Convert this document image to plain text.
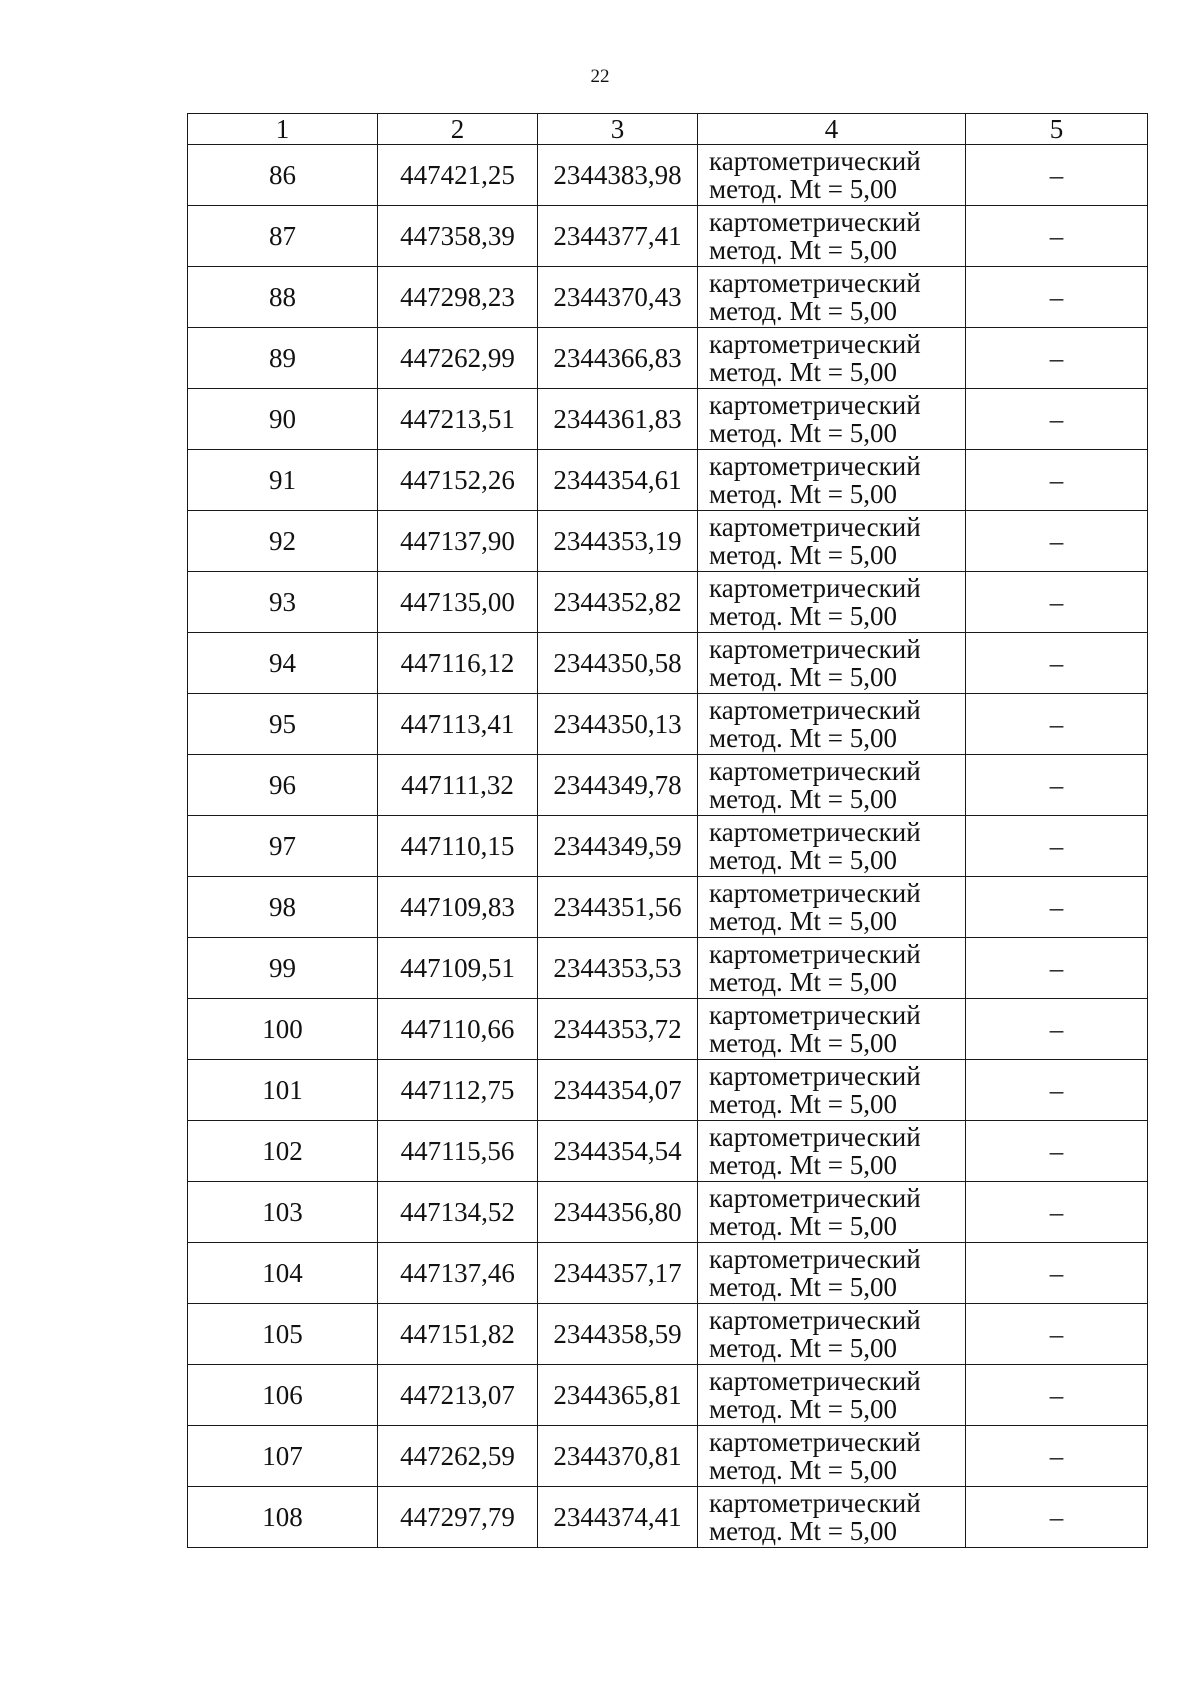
22
1	2	3	4	5
86	447421,25	2344383,98	картометрический
метод. Mt = 5,00	–
87	447358,39	2344377,41	картометрический
метод. Mt = 5,00	–
88	447298,23	2344370,43	картометрический
метод. Mt = 5,00	–
89	447262,99	2344366,83	картометрический
метод. Mt = 5,00	–
90	447213,51	2344361,83	картометрический
метод. Mt = 5,00	–
91	447152,26	2344354,61	картометрический
метод. Mt = 5,00	–
92	447137,90	2344353,19	картометрический
метод. Mt = 5,00	–
93	447135,00	2344352,82	картометрический
метод. Mt = 5,00	–
94	447116,12	2344350,58	картометрический
метод. Mt = 5,00	–
95	447113,41	2344350,13	картометрический
метод. Mt = 5,00	–
96	447111,32	2344349,78	картометрический
метод. Mt = 5,00	–
97	447110,15	2344349,59	картометрический
метод. Mt = 5,00	–
98	447109,83	2344351,56	картометрический
метод. Mt = 5,00	–
99	447109,51	2344353,53	картометрический
метод. Mt = 5,00	–
100	447110,66	2344353,72	картометрический
метод. Mt = 5,00	–
101	447112,75	2344354,07	картометрический
метод. Mt = 5,00	–
102	447115,56	2344354,54	картометрический
метод. Mt = 5,00	–
103	447134,52	2344356,80	картометрический
метод. Mt = 5,00	–
104	447137,46	2344357,17	картометрический
метод. Mt = 5,00	–
105	447151,82	2344358,59	картометрический
метод. Mt = 5,00	–
106	447213,07	2344365,81	картометрический
метод. Mt = 5,00	–
107	447262,59	2344370,81	картометрический
метод. Mt = 5,00	–
108	447297,79	2344374,41	картометрический
метод. Mt = 5,00	–
